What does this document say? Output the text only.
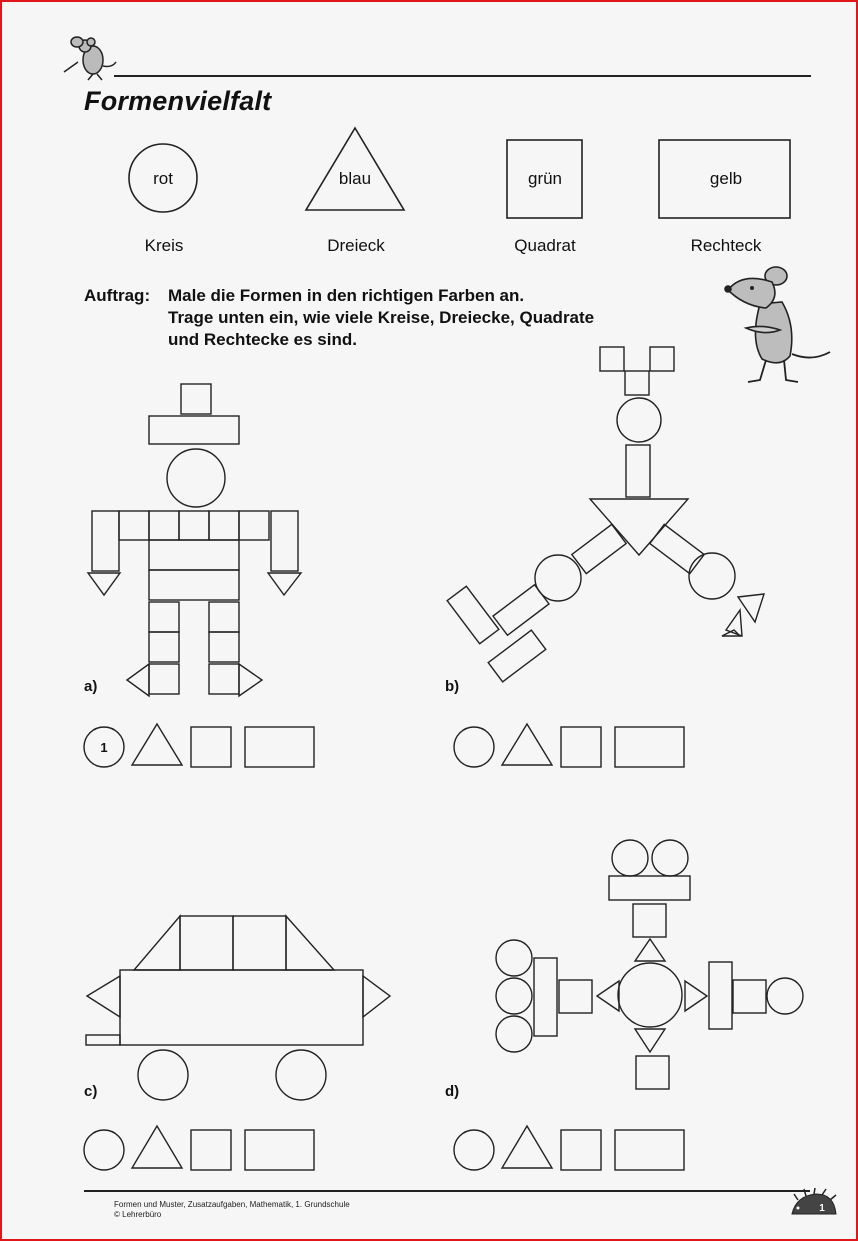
Formenvielfalt
rot	blau	grün	gelb
Kreis	Dreieck	Quadrat	Rechteck
Auftrag: Male die Formen in den richtigen Farben an.
Trage unten ein, wie viele Kreise, Dreiecke, Quadrate
und Rechtecke es sind.
a)	b)
1
c)	d)
Formen und Muster, Zusatzaufgaben, Mathematik, 1. Grundschule
© Lehrerbüro
1
